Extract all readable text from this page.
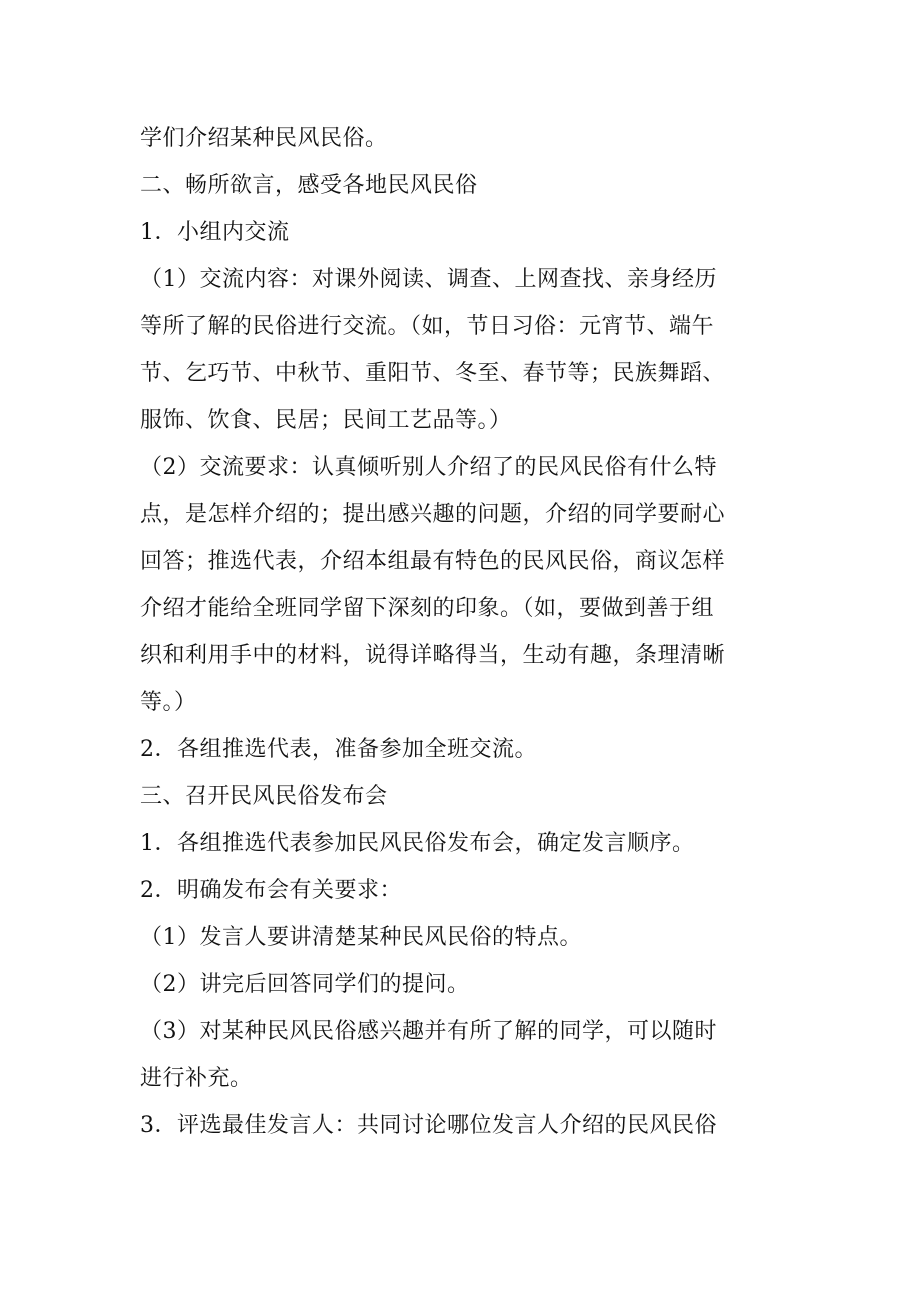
学们介绍某种民风民俗。
二、畅所欲言，感受各地民风民俗
1．小组内交流
（1）交流内容：对课外阅读、调查、上网查找、亲身经历
等所了解的民俗进行交流。（如，节日习俗：元宵节、端午
节、乞巧节、中秋节、重阳节、冬至、春节等；民族舞蹈、
服饰、饮食、民居；民间工艺品等。）
（2）交流要求：认真倾听别人介绍了的民风民俗有什么特
点，是怎样介绍的；提出感兴趣的问题，介绍的同学要耐心
回答；推选代表，介绍本组最有特色的民风民俗，商议怎样
介绍才能给全班同学留下深刻的印象。（如，要做到善于组
织和利用手中的材料，说得详略得当，生动有趣，条理清晰
等。）
2．各组推选代表，准备参加全班交流。
三、召开民风民俗发布会
1．各组推选代表参加民风民俗发布会，确定发言顺序。
2．明确发布会有关要求：
（1）发言人要讲清楚某种民风民俗的特点。
（2）讲完后回答同学们的提问。
（3）对某种民风民俗感兴趣并有所了解的同学，可以随时
进行补充。
3．评选最佳发言人：共同讨论哪位发言人介绍的民风民俗
